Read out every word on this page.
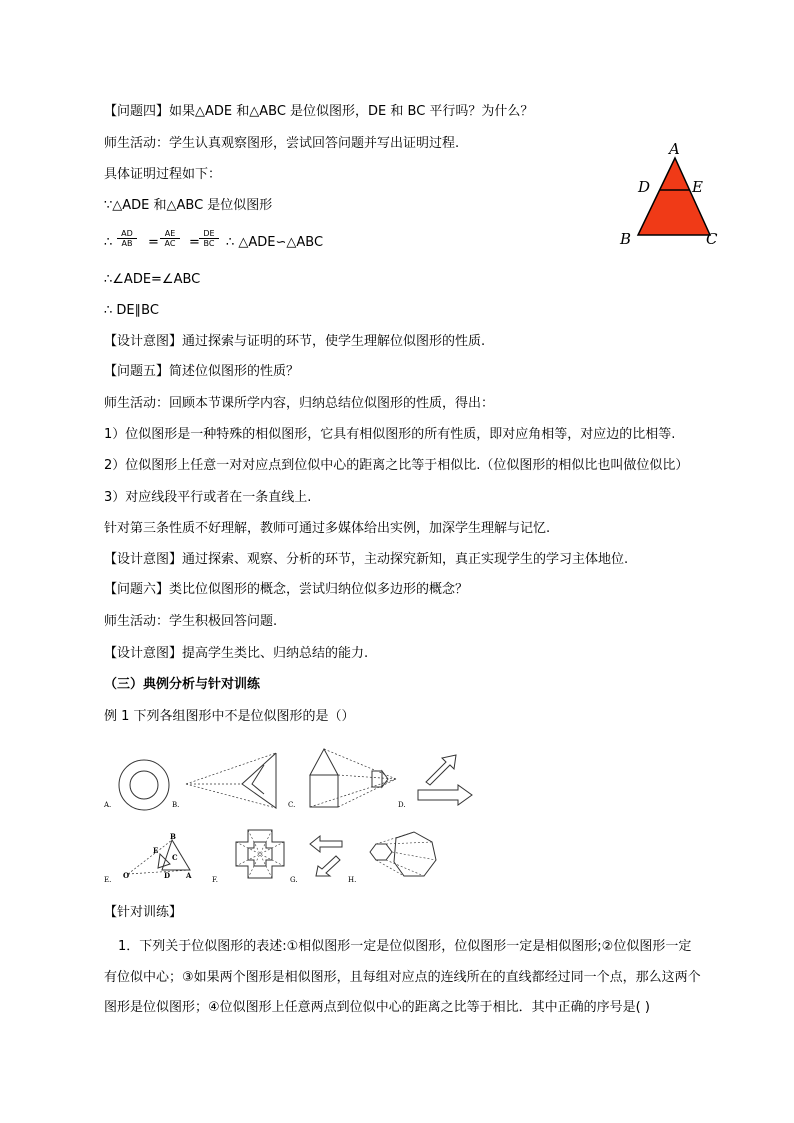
【问题四】如果△ADE 和△ABC 是位似图形，DE 和 BC 平行吗？为什么？
师生活动：学生认真观察图形，尝试回答问题并写出证明过程.
具体证明过程如下：
∵△ADE 和△ABC 是位似图形
∴ $\frac{AD}{AB} = \frac{AE}{AC} = \frac{DE}{BC}$ ∴ △ADE∽△ABC
∴∠ADE=∠ABC
∴ DE∥BC
【设计意图】通过探索与证明的环节，使学生理解位似图形的性质.
【问题五】简述位似图形的性质？
师生活动：回顾本节课所学内容，归纳总结位似图形的性质，得出：
1）位似图形是一种特殊的相似图形，它具有相似图形的所有性质，即对应角相等，对应边的比相等.
2）位似图形上任意一对对应点到位似中心的距离之比等于相似比.（位似图形的相似比也叫做位似比）
3）对应线段平行或者在一条直线上.
针对第三条性质不好理解，教师可通过多媒体给出实例，加深学生理解与记忆.
【设计意图】通过探索、观察、分析的环节，主动探究新知，真正实现学生的学习主体地位.
【问题六】类比位似图形的概念，尝试归纳位似多边形的概念？
师生活动：学生积极回答问题.
【设计意图】提高学生类比、归纳总结的能力.
（三）典例分析与针对训练
例 1 下列各组图形中不是位似图形的是（）
【针对训练】
1．下列关于位似图形的表述:①相似图形一定是位似图形，位似图形一定是相似图形;②位似图形一定
有位似中心；③如果两个图形是相似图形，且每组对应点的连线所在的直线都经过同一个点，那么这两个
图形是位似图形；④位似图形上任意两点到位似中心的距离之比等于相比．其中正确的序号是( )
A
D	E
B	C
A.	B.	C.	D.
B
E
C
O	D A
E.	F.	G.	H.
